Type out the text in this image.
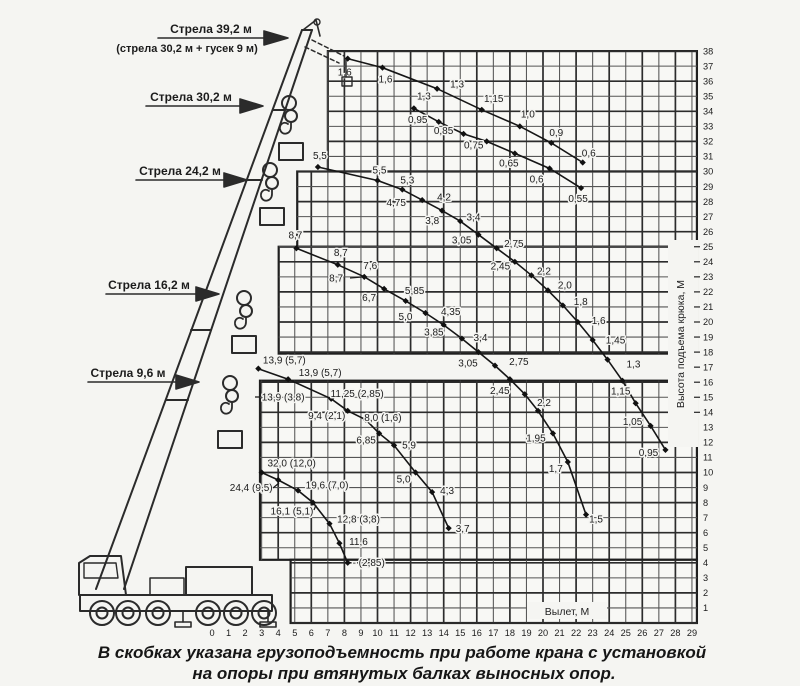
Вылет, М
Высота подъема крюка, М
1,6
1,6	1,3
1,15
1,0
0,9
0,6
1,3
0,95
0,85
0,75
0,65
0,6
0,55
5,5
5,5
5,3
4,75	4,2
3,8	3,4
3,05	2,75
2,45	2,2
2,0
1,8
1,6
1,45
1,3
1,15
1,05
0,95
8,7
8,7
7,6
6,7
5,85
5,0	4,35
3,85
3,4
3,05	2,75
2,45
2,2
1,95
1,7
1,5
13,9 (5,7)
13,9 (5,7)
11,25 (2,85)
9,4 (2,1) 8,0 (1,6)
6,85	5,9
5,0
4,3
3,7
32,0 (12,0)
24,4 (9,5)	19,6 (7,0)
16,1 (5,1)
12,8 (3,8)
11,6
- (2,85)
8,7
13,9 (3,8)
0 1 2 3 4 5 6 7 8 9 10 11 12 13 14 15 16 17 18 19 20 21 22 23 24 25 26 27 28 29
1
2
3
4
5
6
7
8
9
10
11
12
13
14
15
16
17
18
19
20
21
22
23
24
25
26
27
28
29
30
31
32
33
34
35
36
37
38
Стрела 39,2 м
(стрела 30,2 м + гусек 9 м)
Стрела 30,2 м
Стрела 24,2 м
Стрела 16,2 м
Стрела 9,6 м
В скобках указана грузоподъемность при работе крана с установкой
на опоры при втянутых балках выносных опор.
